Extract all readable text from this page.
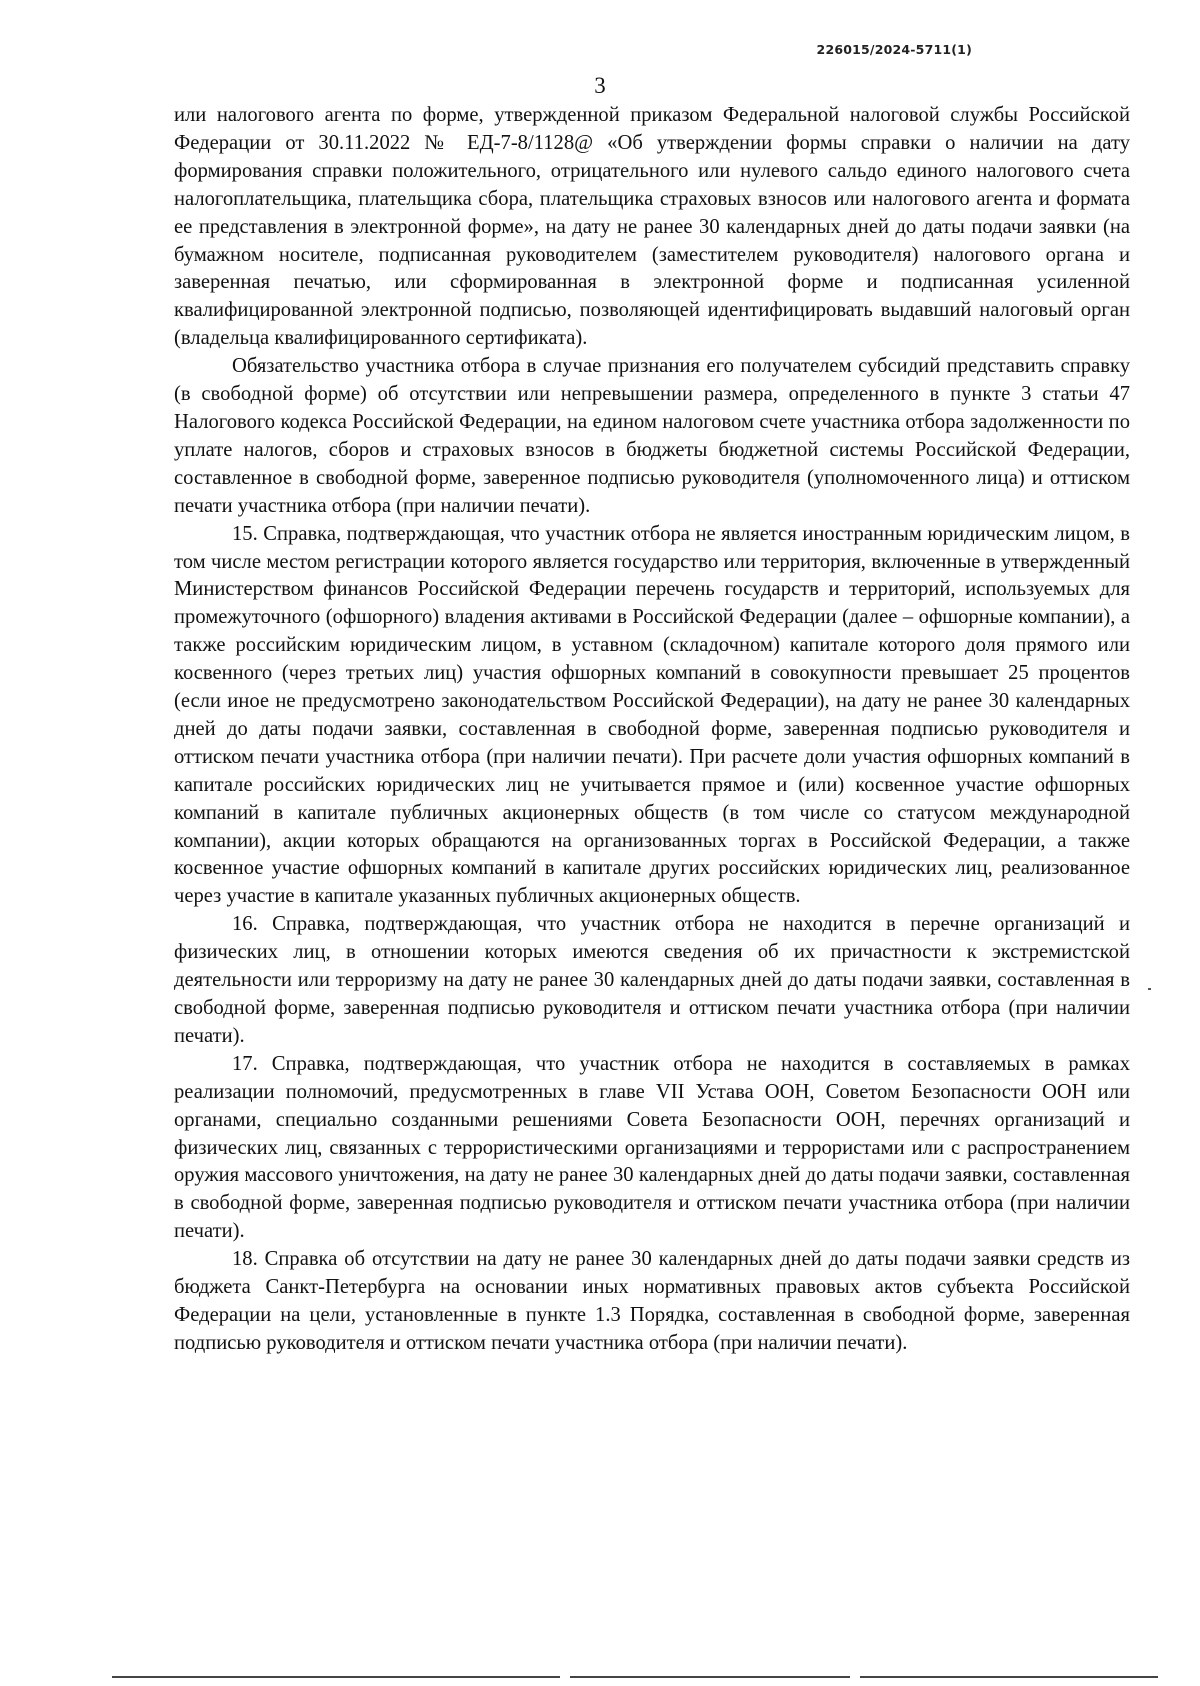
226015/2024-5711(1)
3

или налогового агента по форме, утвержденной приказом Федеральной налоговой службы Российской Федерации от 30.11.2022 № ЕД-7-8/1128@ «Об утверждении формы справки о наличии на дату формирования справки положительного, отрицательного или нулевого сальдо единого налогового счета налогоплательщика, плательщика сбора, плательщика страховых взносов или налогового агента и формата ее представления в электронной форме», на дату не ранее 30 календарных дней до даты подачи заявки (на бумажном носителе, подписанная руководителем (заместителем руководителя) налогового органа и заверенная печатью, или сформированная в электронной форме и подписанная усиленной квалифицированной электронной подписью, позволяющей идентифицировать выдавший налоговый орган (владельца квалифицированного сертификата).

Обязательство участника отбора в случае признания его получателем субсидий представить справку (в свободной форме) об отсутствии или непревышении размера, определенного в пункте 3 статьи 47 Налогового кодекса Российской Федерации, на едином налоговом счете участника отбора задолженности по уплате налогов, сборов и страховых взносов в бюджеты бюджетной системы Российской Федерации, составленное в свободной форме, заверенное подписью руководителя (уполномоченного лица) и оттиском печати участника отбора (при наличии печати).

15. Справка, подтверждающая, что участник отбора не является иностранным юридическим лицом, в том числе местом регистрации которого является государство или территория, включенные в утвержденный Министерством финансов Российской Федерации перечень государств и территорий, используемых для промежуточного (офшорного) владения активами в Российской Федерации (далее – офшорные компании), а также российским юридическим лицом, в уставном (складочном) капитале которого доля прямого или косвенного (через третьих лиц) участия офшорных компаний в совокупности превышает 25 процентов (если иное не предусмотрено законодательством Российской Федерации), на дату не ранее 30 календарных дней до даты подачи заявки, составленная в свободной форме, заверенная подписью руководителя и оттиском печати участника отбора (при наличии печати). При расчете доли участия офшорных компаний в капитале российских юридических лиц не учитывается прямое и (или) косвенное участие офшорных компаний в капитале публичных акционерных обществ (в том числе со статусом международной компании), акции которых обращаются на организованных торгах в Российской Федерации, а также косвенное участие офшорных компаний в капитале других российских юридических лиц, реализованное через участие в капитале указанных публичных акционерных обществ.

16. Справка, подтверждающая, что участник отбора не находится в перечне организаций и физических лиц, в отношении которых имеются сведения об их причастности к экстремистской деятельности или терроризму на дату не ранее 30 календарных дней до даты подачи заявки, составленная в свободной форме, заверенная подписью руководителя и оттиском печати участника отбора (при наличии печати).

17. Справка, подтверждающая, что участник отбора не находится в составляемых в рамках реализации полномочий, предусмотренных в главе VII Устава ООН, Советом Безопасности ООН или органами, специально созданными решениями Совета Безопасности ООН, перечнях организаций и физических лиц, связанных с террористическими организациями и террористами или с распространением оружия массового уничтожения, на дату не ранее 30 календарных дней до даты подачи заявки, составленная в свободной форме, заверенная подписью руководителя и оттиском печати участника отбора (при наличии печати).

18. Справка об отсутствии на дату не ранее 30 календарных дней до даты подачи заявки средств из бюджета Санкт-Петербурга на основании иных нормативных правовых актов субъекта Российской Федерации на цели, установленные в пункте 1.3 Порядка, составленная в свободной форме, заверенная подписью руководителя и оттиском печати участника отбора (при наличии печати).
